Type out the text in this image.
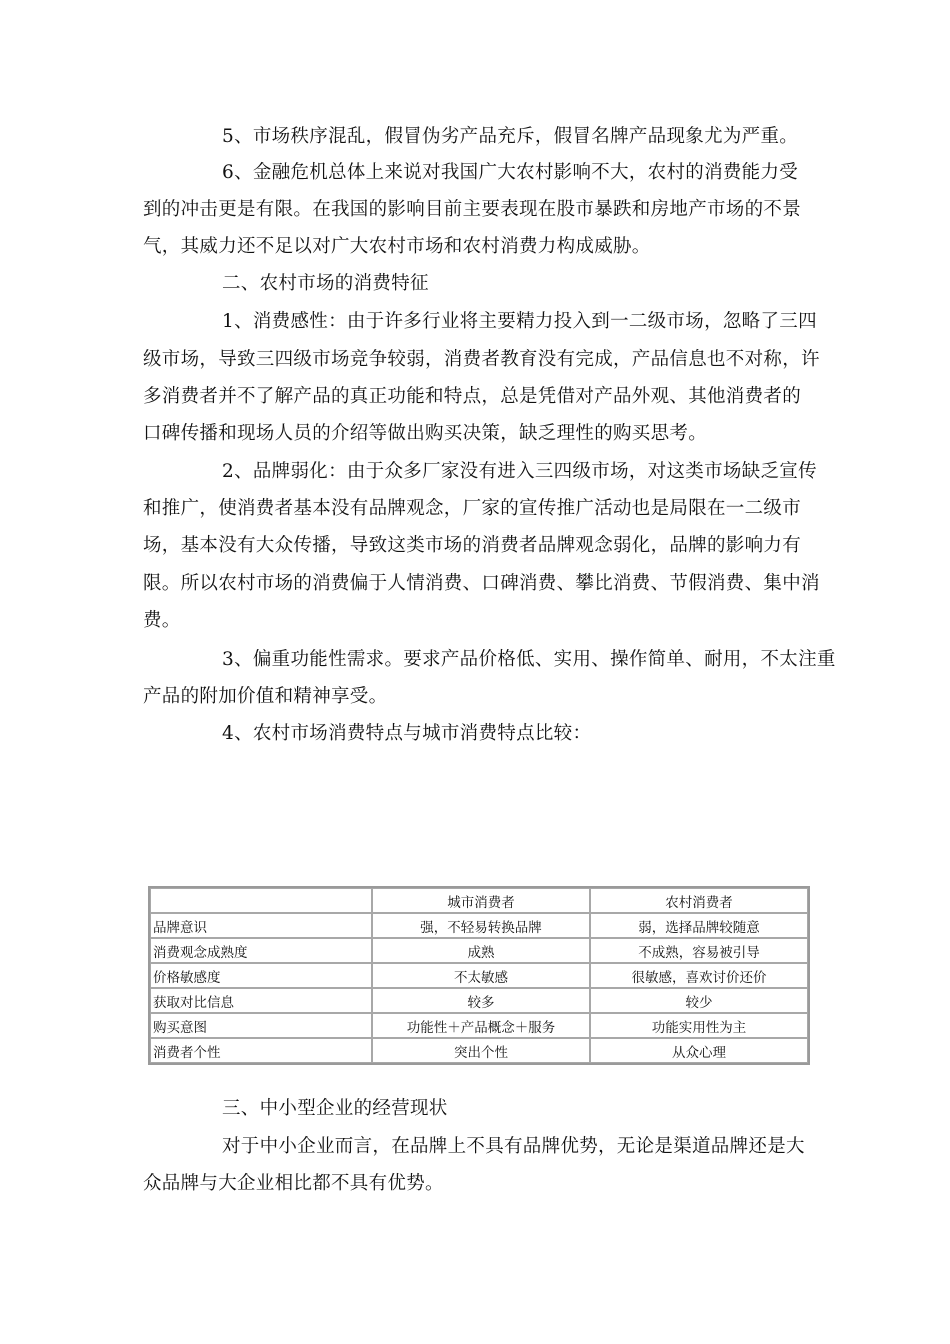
5、市场秩序混乱，假冒伪劣产品充斥，假冒名牌产品现象尤为严重。
6、金融危机总体上来说对我国广大农村影响不大，农村的消费能力受
到的冲击更是有限。在我国的影响目前主要表现在股市暴跌和房地产市场的不景
气，其威力还不足以对广大农村市场和农村消费力构成威胁。
二、农村市场的消费特征
1、消费感性：由于许多行业将主要精力投入到一二级市场，忽略了三四
级市场，导致三四级市场竞争较弱，消费者教育没有完成，产品信息也不对称，许
多消费者并不了解产品的真正功能和特点，总是凭借对产品外观、其他消费者的
口碑传播和现场人员的介绍等做出购买决策，缺乏理性的购买思考。
2、品牌弱化：由于众多厂家没有进入三四级市场，对这类市场缺乏宣传
和推广，使消费者基本没有品牌观念，厂家的宣传推广活动也是局限在一二级市
场，基本没有大众传播，导致这类市场的消费者品牌观念弱化，品牌的影响力有
限。所以农村市场的消费偏于人情消费、口碑消费、攀比消费、节假消费、集中消
费。
3、偏重功能性需求。要求产品价格低、实用、操作简单、耐用，不太注重
产品的附加价值和精神享受。
4、农村市场消费特点与城市消费特点比较：
	城市消费者	农村消费者
品牌意识	强，不轻易转换品牌	弱，选择品牌较随意
消费观念成熟度	成熟	不成熟，容易被引导
价格敏感度	不太敏感	很敏感，喜欢讨价还价
获取对比信息	较多	较少
购买意图	功能性＋产品概念＋服务	功能实用性为主
消费者个性	突出个性	从众心理
三、中小型企业的经营现状
对于中小企业而言，在品牌上不具有品牌优势，无论是渠道品牌还是大
众品牌与大企业相比都不具有优势。
